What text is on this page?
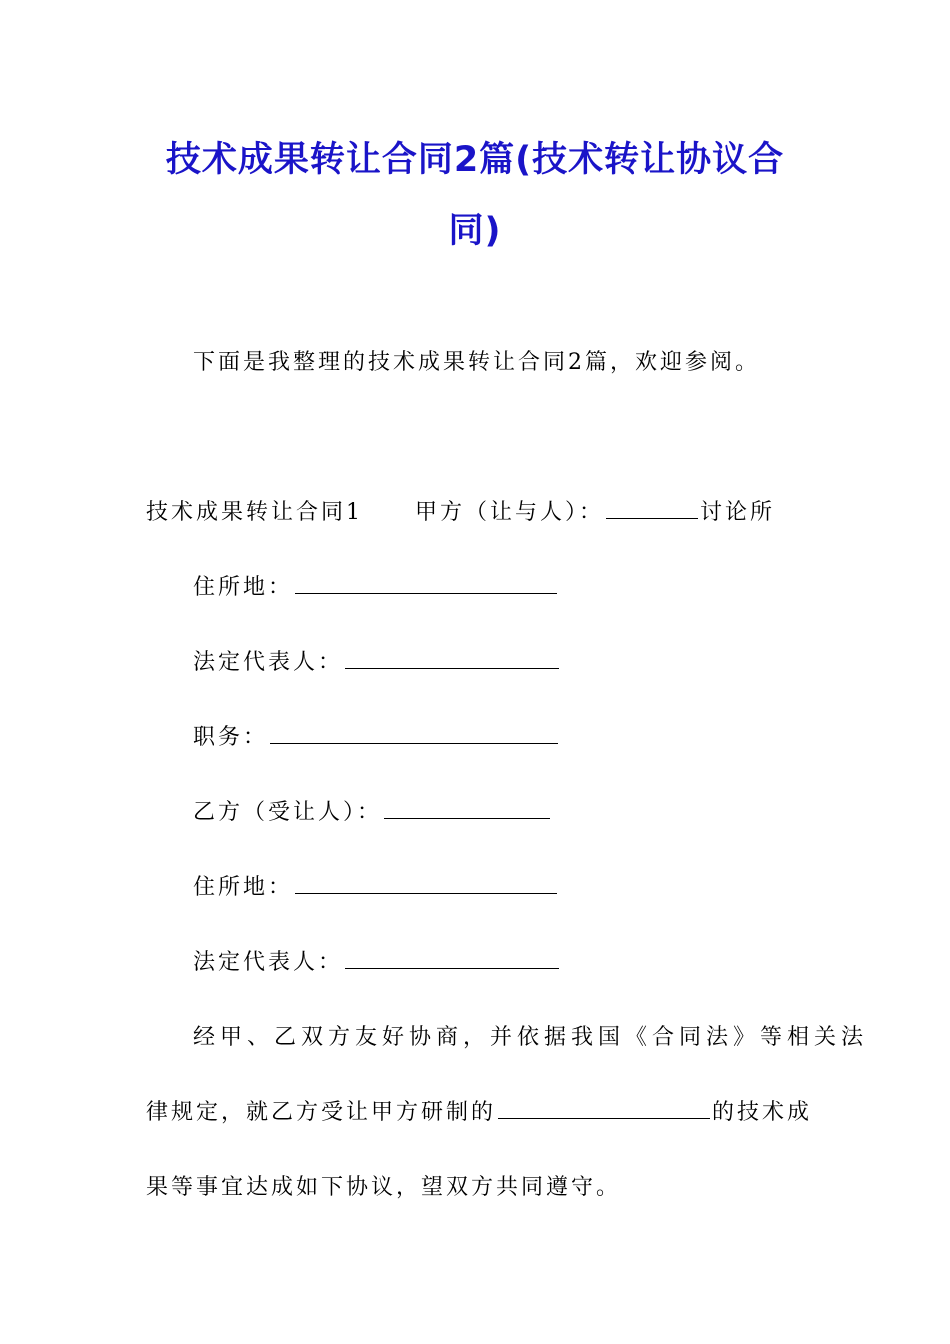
技术成果转让合同2篇(技术转让协议合
同)
下面是我整理的技术成果转让合同2篇，欢迎参阅。
技术成果转让合同1 甲方（让与人）：	讨论所
住所地：
法定代表人：
职务：
乙方（受让人）：
住所地：
法定代表人：
经甲、乙双方友好协商，并依据我国《合同法》等相关法
律规定，就乙方受让甲方研制的	的技术成
果等事宜达成如下协议，望双方共同遵守。
